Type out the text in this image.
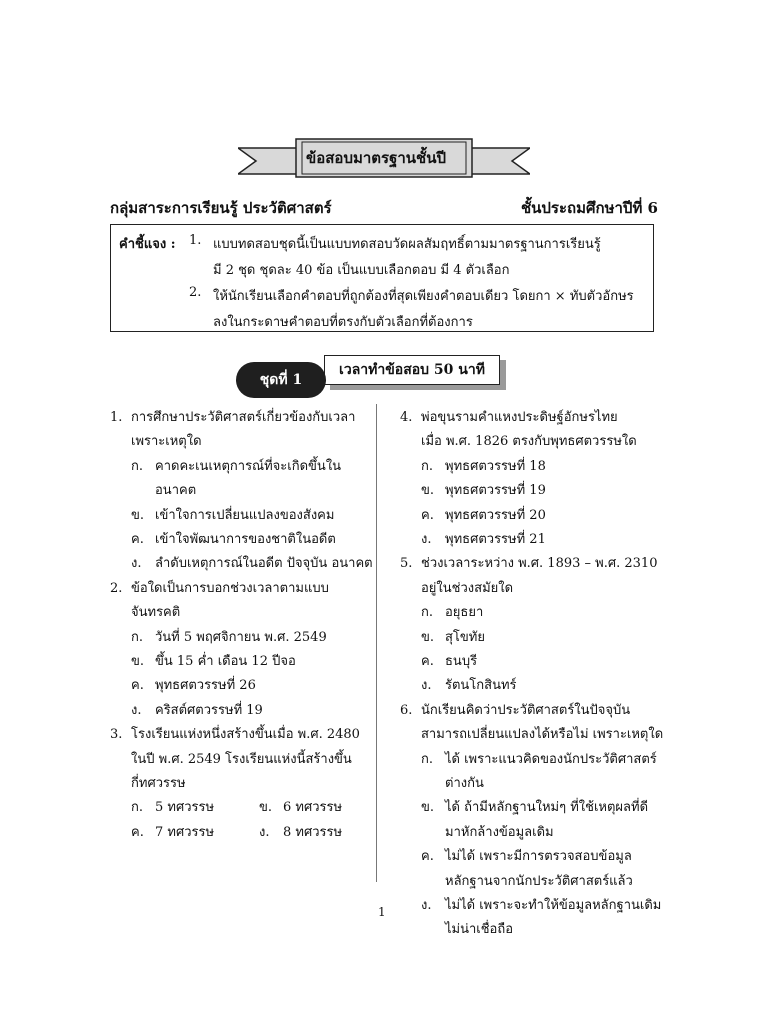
ข้อสอบมาตรฐานชั้นปี
กลุ่มสาระการเรียนรู้ ประวัติศาสตร์	ชั้นประถมศึกษาปีที่ 6
คำชี้แจง : 1. แบบทดสอบชุดนี้เป็นแบบทดสอบวัดผลสัมฤทธิ์ตามมาตรฐานการเรียนรู้
มี 2 ชุด ชุดละ 40 ข้อ เป็นแบบเลือกตอบ มี 4 ตัวเลือก
2. ให้นักเรียนเลือกคำตอบที่ถูกต้องที่สุดเพียงคำตอบเดียว โดยกา × ทับตัวอักษร
ลงในกระดาษคำตอบที่ตรงกับตัวเลือกที่ต้องการ
เวลาทำข้อสอบ 50 นาที
ชุดที่ 1
1. การศึกษาประวัติศาสตร์เกี่ยวข้องกับเวลา
เพราะเหตุใด
ก. คาดคะเนเหตุการณ์ที่จะเกิดขึ้นใน
อนาคต
ข. เข้าใจการเปลี่ยนแปลงของสังคม
ค. เข้าใจพัฒนาการของชาติในอดีต
ง. ลำดับเหตุการณ์ในอดีต ปัจจุบัน อนาคต
2. ข้อใดเป็นการบอกช่วงเวลาตามแบบ
จันทรคติ
ก. วันที่ 5 พฤศจิกายน พ.ศ. 2549
ข. ขึ้น 15 ค่ำ เดือน 12 ปีจอ
ค. พุทธศตวรรษที่ 26
ง. คริสต์ศตวรรษที่ 19
3. โรงเรียนแห่งหนึ่งสร้างขึ้นเมื่อ พ.ศ. 2480
ในปี พ.ศ. 2549 โรงเรียนแห่งนี้สร้างขึ้น
กี่ทศวรรษ
ก. 5 ทศวรรษ	ข. 6 ทศวรรษ
ค. 7 ทศวรรษ	ง. 8 ทศวรรษ
4. พ่อขุนรามคำแหงประดิษฐ์อักษรไทย
เมื่อ พ.ศ. 1826 ตรงกับพุทธศตวรรษใด
ก. พุทธศตวรรษที่ 18
ข. พุทธศตวรรษที่ 19
ค. พุทธศตวรรษที่ 20
ง. พุทธศตวรรษที่ 21
5. ช่วงเวลาระหว่าง พ.ศ. 1893 – พ.ศ. 2310
อยู่ในช่วงสมัยใด
ก. อยุธยา
ข. สุโขทัย
ค. ธนบุรี
ง. รัตนโกสินทร์
6. นักเรียนคิดว่าประวัติศาสตร์ในปัจจุบัน
สามารถเปลี่ยนแปลงได้หรือไม่ เพราะเหตุใด
ก. ได้ เพราะแนวคิดของนักประวัติศาสตร์
ต่างกัน
ข. ได้ ถ้ามีหลักฐานใหม่ๆ ที่ใช้เหตุผลที่ดี
มาหักล้างข้อมูลเดิม
ค. ไม่ได้ เพราะมีการตรวจสอบข้อมูล
หลักฐานจากนักประวัติศาสตร์แล้ว
ง. ไม่ได้ เพราะจะทำให้ข้อมูลหลักฐานเดิม
ไม่น่าเชื่อถือ
1
